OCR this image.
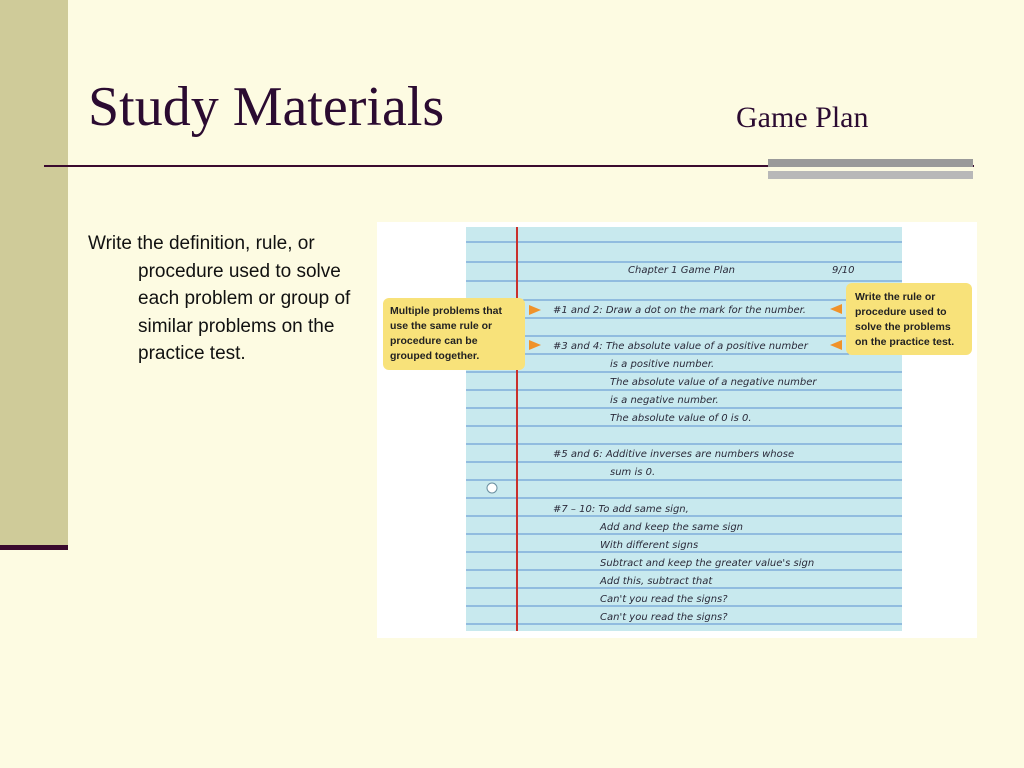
Study Materials	Game Plan
Write the definition, rule, or procedure used to solve each problem or group of similar problems on the practice test.
Chapter 1 Game Plan	9/10
#1 and 2: Draw a dot on the mark for the number.
#3 and 4: The absolute value of a positive number
is a positive number.
The absolute value of a negative number
is a negative number.
The absolute value of 0 is 0.
#5 and 6: Additive inverses are numbers whose
sum is 0.
#7 – 10: To add same sign,
Add and keep the same sign
With different signs
Subtract and keep the greater value's sign
Add this, subtract that
Can't you read the signs?
Can't you read the signs?
Multiple problems that
use the same rule or
procedure can be
grouped together.
Write the rule or
procedure used to
solve the problems
on the practice test.
